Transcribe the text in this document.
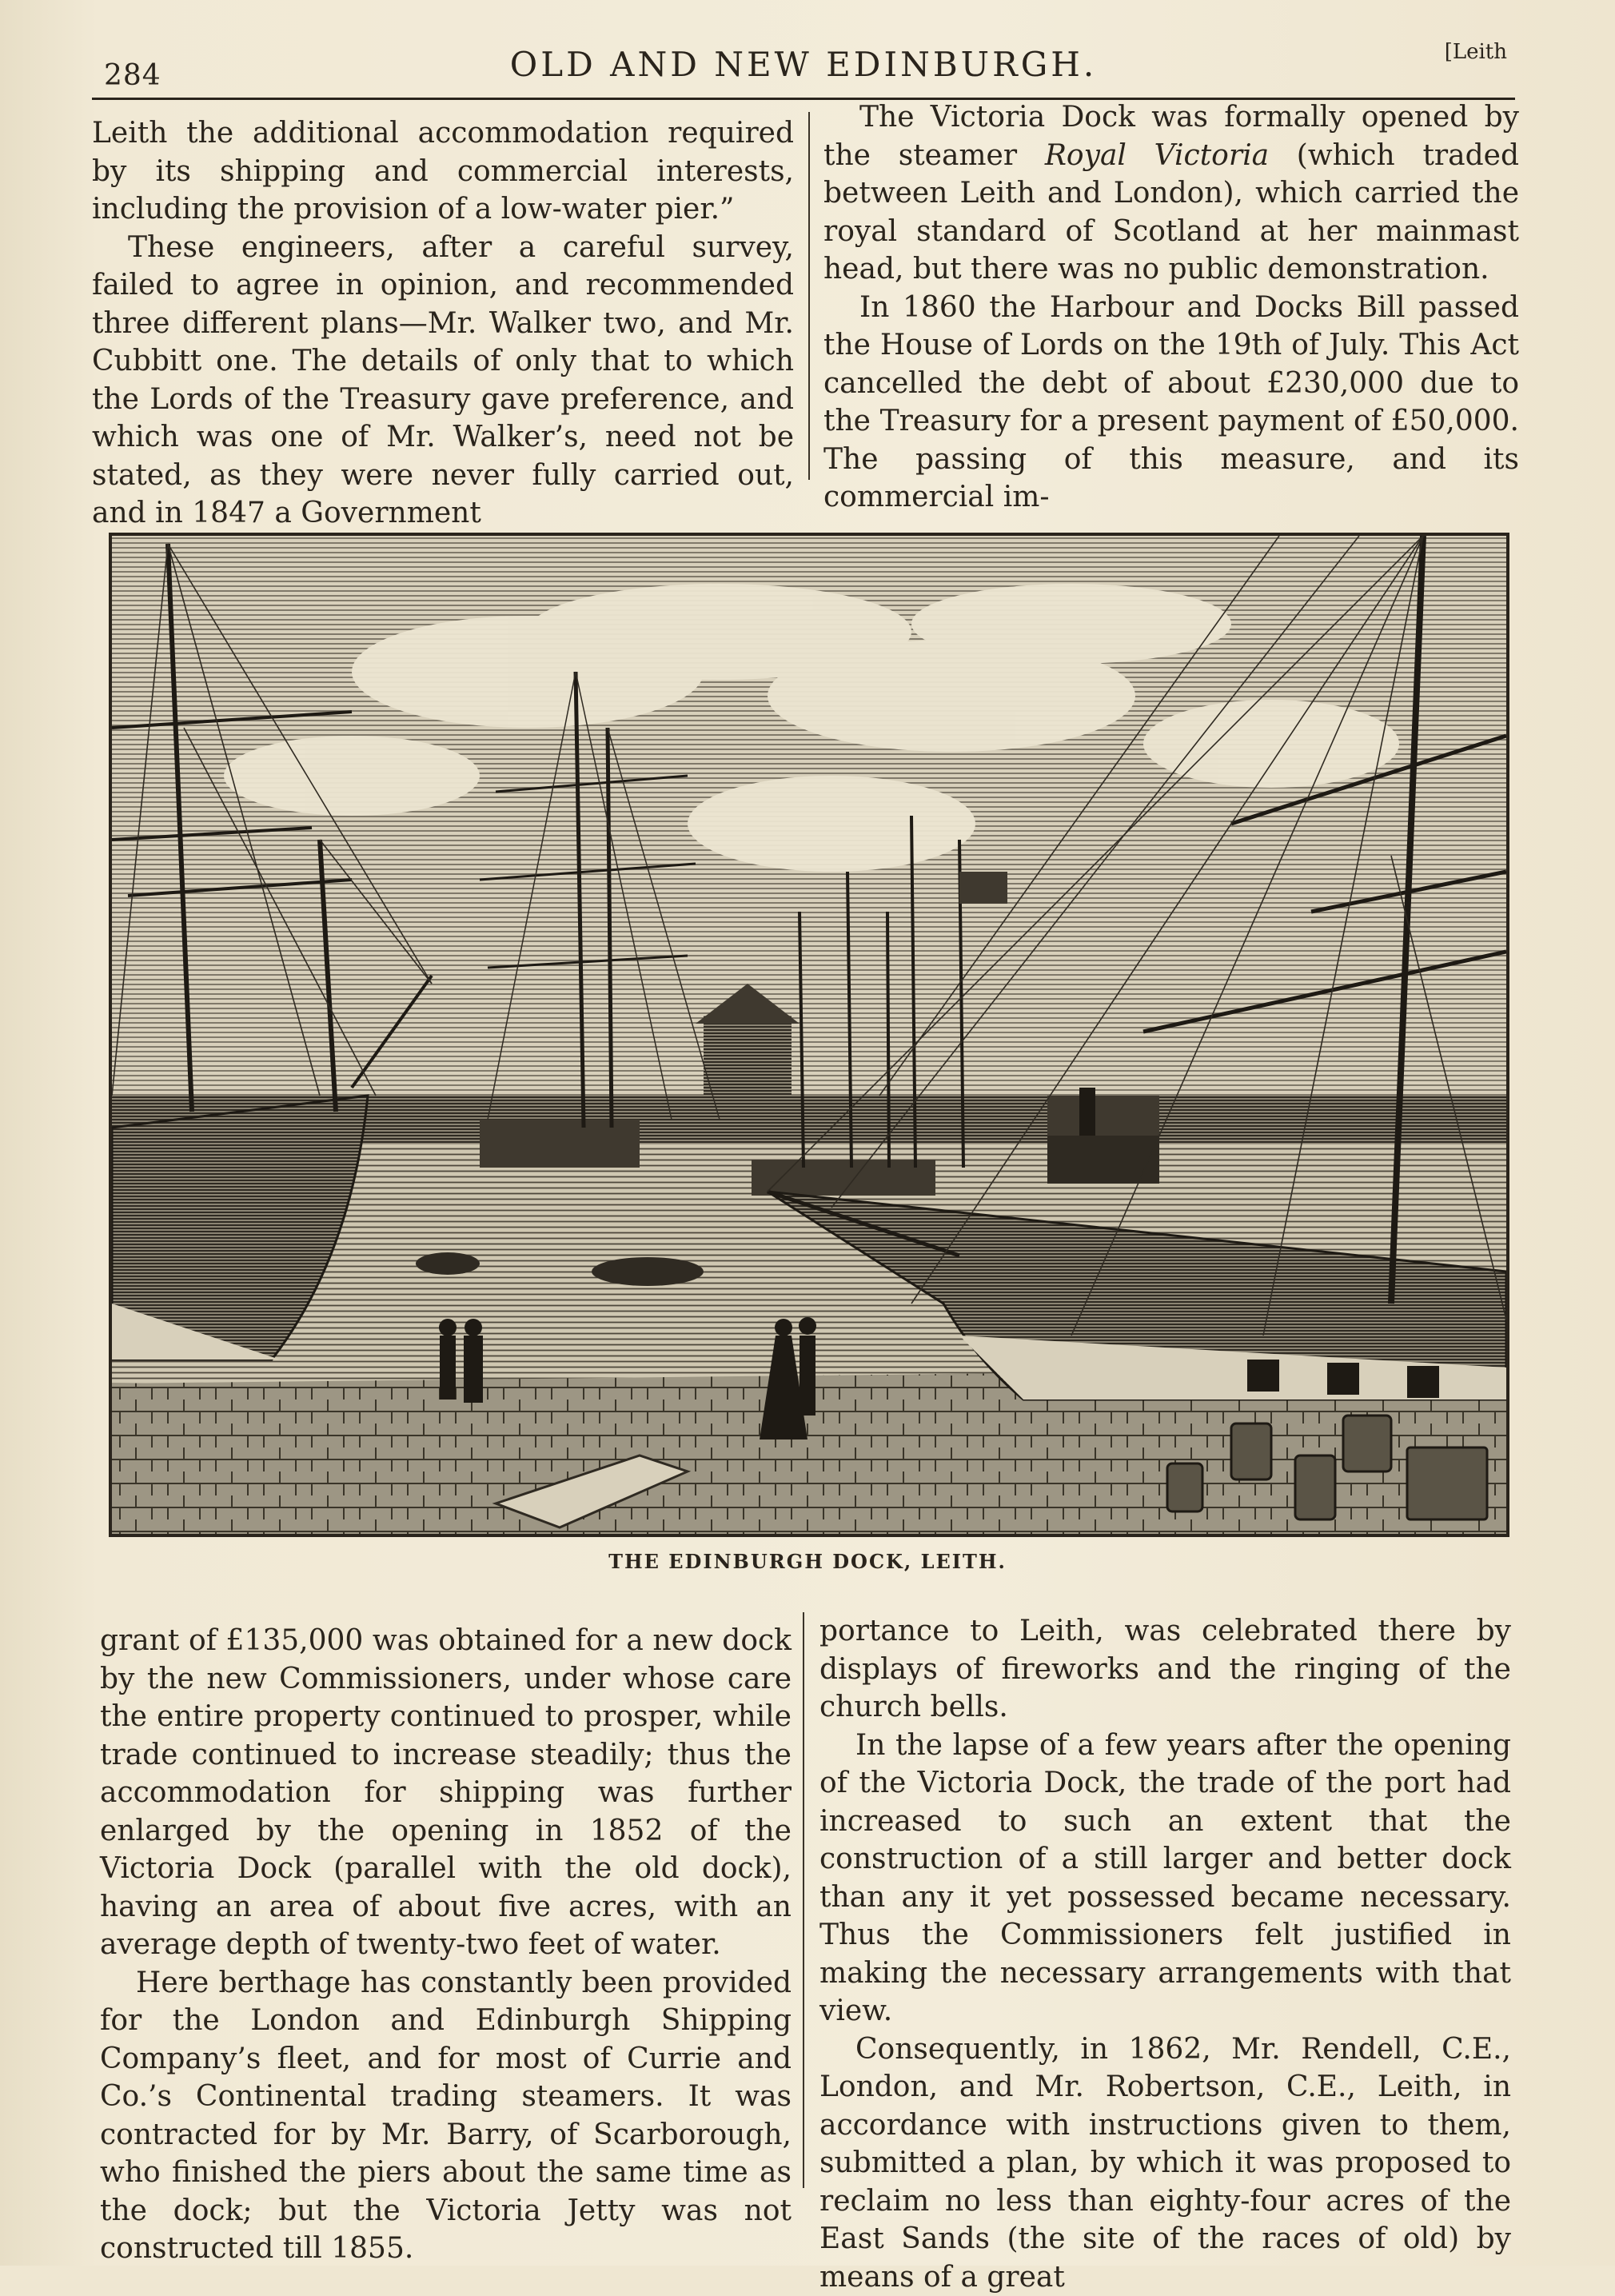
284	OLD AND NEW EDINBURGH.	[Leith

Leith the additional accommodation required by its shipping and commercial interests, including the provision of a low-water pier.”

These engineers, after a careful survey, failed to agree in opinion, and recommended three different plans—Mr. Walker two, and Mr. Cubbitt one. The details of only that to which the Lords of the Treasury gave preference, and which was one of Mr. Walker’s, need not be stated, as they were never fully carried out, and in 1847 a Government

The Victoria Dock was formally opened by the steamer Royal Victoria (which traded between Leith and London), which carried the royal standard of Scotland at her mainmast head, but there was no public demonstration.

In 1860 the Harbour and Docks Bill passed the House of Lords on the 19th of July. This Act cancelled the debt of about £230,000 due to the Treasury for a present payment of £50,000. The passing of this measure, and its commercial im-

THE EDINBURGH DOCK, LEITH.

grant of £135,000 was obtained for a new dock by the new Commissioners, under whose care the entire property continued to prosper, while trade continued to increase steadily; thus the accommodation for shipping was further enlarged by the opening in 1852 of the Victoria Dock (parallel with the old dock), having an area of about five acres, with an average depth of twenty-two feet of water.

Here berthage has constantly been provided for the London and Edinburgh Shipping Company’s fleet, and for most of Currie and Co.’s Continental trading steamers. It was contracted for by Mr. Barry, of Scarborough, who finished the piers about the same time as the dock; but the Victoria Jetty was not constructed till 1855.

portance to Leith, was celebrated there by displays of fireworks and the ringing of the church bells.

In the lapse of a few years after the opening of the Victoria Dock, the trade of the port had increased to such an extent that the construction of a still larger and better dock than any it yet possessed became necessary. Thus the Commissioners felt justified in making the necessary arrangements with that view.

Consequently, in 1862, Mr. Rendell, C.E., London, and Mr. Robertson, C.E., Leith, in accordance with instructions given to them, submitted a plan, by which it was proposed to reclaim no less than eighty-four acres of the East Sands (the site of the races of old) by means of a great
